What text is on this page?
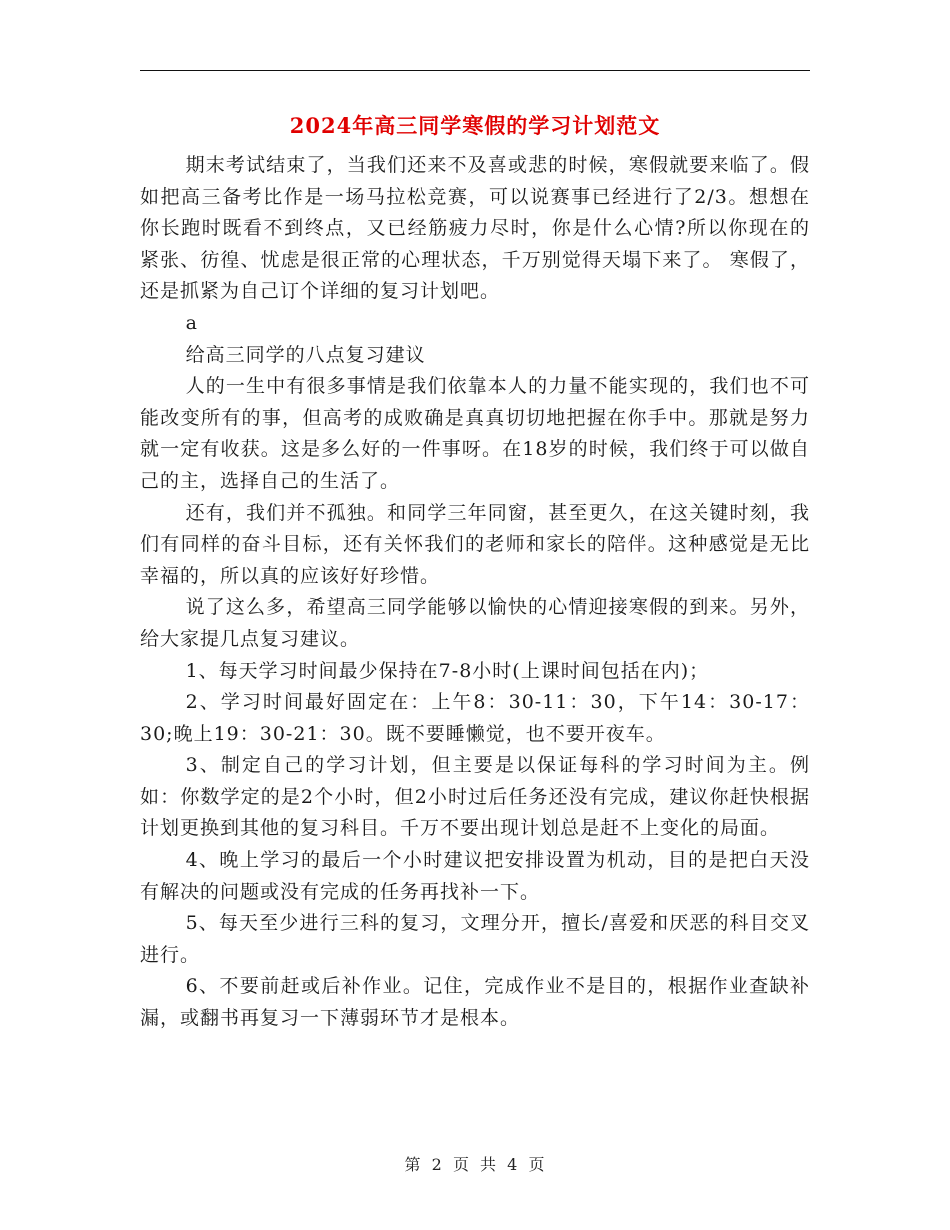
2024年高三同学寒假的学习计划范文

期末考试结束了，当我们还来不及喜或悲的时候，寒假就要来临了。假如把高三备考比作是一场马拉松竞赛，可以说赛事已经进行了2/3。想想在你长跑时既看不到终点，又已经筋疲力尽时，你是什么心情?所以你现在的紧张、彷徨、忧虑是很正常的心理状态，千万别觉得天塌下来了。 寒假了，还是抓紧为自己订个详细的复习计划吧。

a

给高三同学的八点复习建议

人的一生中有很多事情是我们依靠本人的力量不能实现的，我们也不可能改变所有的事，但高考的成败确是真真切切地把握在你手中。那就是努力就一定有收获。这是多么好的一件事呀。在18岁的时候，我们终于可以做自己的主，选择自己的生活了。

还有，我们并不孤独。和同学三年同窗，甚至更久，在这关键时刻，我们有同样的奋斗目标，还有关怀我们的老师和家长的陪伴。这种感觉是无比幸福的，所以真的应该好好珍惜。

说了这么多，希望高三同学能够以愉快的心情迎接寒假的到来。另外，给大家提几点复习建议。

1、每天学习时间最少保持在7-8小时(上课时间包括在内)；

2、学习时间最好固定在：上午8：30-11：30，下午14：30-17：30;晚上19：30-21：30。既不要睡懒觉，也不要开夜车。

3、制定自己的学习计划，但主要是以保证每科的学习时间为主。例如：你数学定的是2个小时，但2小时过后任务还没有完成，建议你赶快根据计划更换到其他的复习科目。千万不要出现计划总是赶不上变化的局面。

4、晚上学习的最后一个小时建议把安排设置为机动，目的是把白天没有解决的问题或没有完成的任务再找补一下。

5、每天至少进行三科的复习，文理分开，擅长/喜爱和厌恶的科目交叉进行。

6、不要前赶或后补作业。记住，完成作业不是目的，根据作业查缺补漏，或翻书再复习一下薄弱环节才是根本。

第 2 页 共 4 页
